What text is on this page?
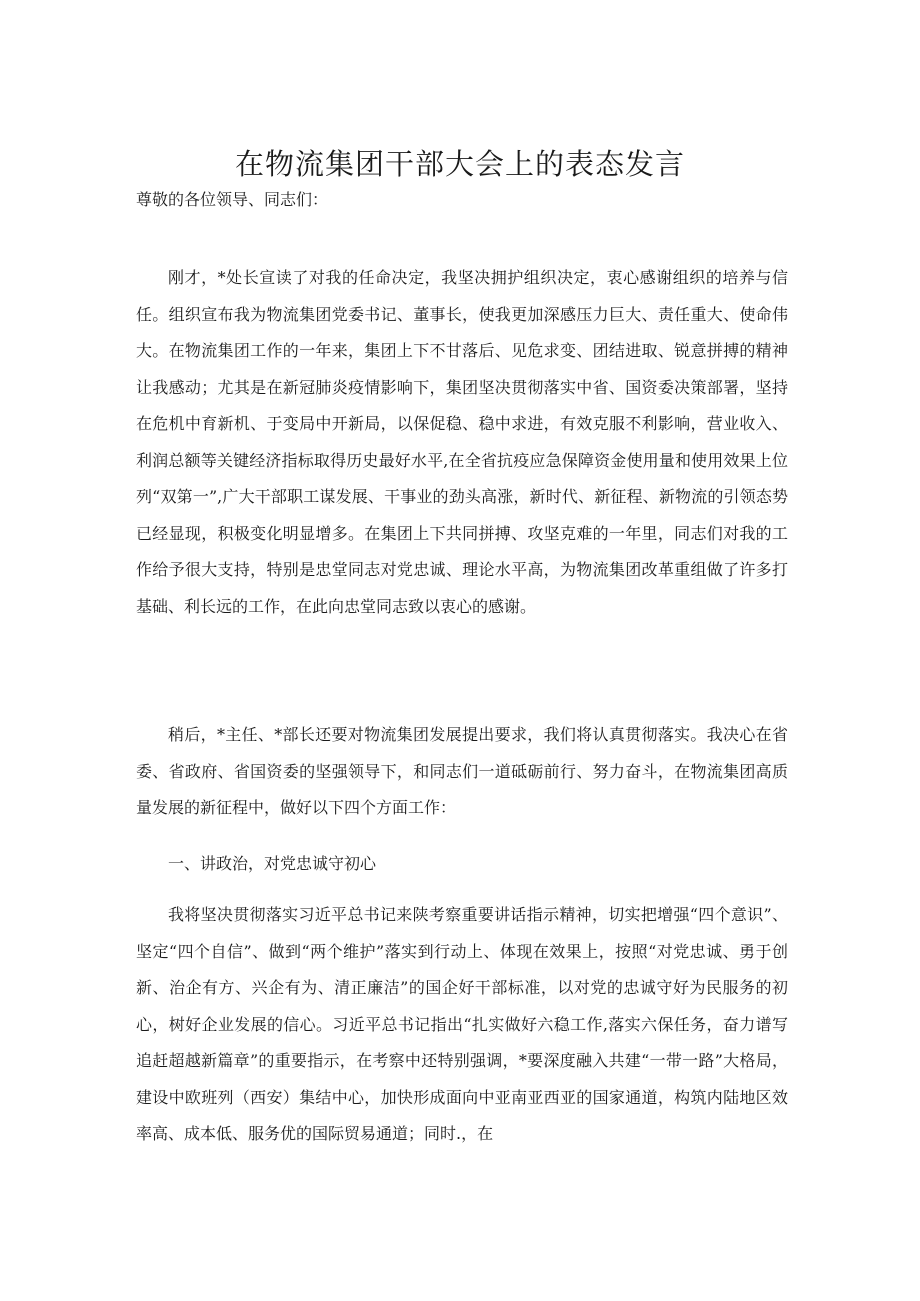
在物流集团干部大会上的表态发言

尊敬的各位领导、同志们：

刚才，*处长宣读了对我的任命决定，我坚决拥护组织决定，衷心感谢组织的培养与信任。组织宣布我为物流集团党委书记、董事长，使我更加深感压力巨大、责任重大、使命伟大。在物流集团工作的一年来，集团上下不甘落后、见危求变、团结进取、锐意拼搏的精神让我感动；尤其是在新冠肺炎疫情影响下，集团坚决贯彻落实中省、国资委决策部署，坚持在危机中育新机、于变局中开新局，以保促稳、稳中求进，有效克服不利影响，营业收入、利润总额等关键经济指标取得历史最好水平,在全省抗疫应急保障资金使用量和使用效果上位列“双第一”,广大干部职工谋发展、干事业的劲头高涨，新时代、新征程、新物流的引领态势已经显现，积极变化明显增多。在集团上下共同拼搏、攻坚克难的一年里，同志们对我的工作给予很大支持，特别是忠堂同志对党忠诚、理论水平高，为物流集团改革重组做了许多打基础、利长远的工作，在此向忠堂同志致以衷心的感谢。

稍后，*主任、*部长还要对物流集团发展提出要求，我们将认真贯彻落实。我决心在省委、省政府、省国资委的坚强领导下，和同志们一道砥砺前行、努力奋斗，在物流集团高质量发展的新征程中，做好以下四个方面工作：

一、讲政治，对党忠诚守初心

我将坚决贯彻落实习近平总书记来陕考察重要讲话指示精神，切实把增强“四个意识”、坚定“四个自信”、做到“两个维护”落实到行动上、体现在效果上，按照“对党忠诚、勇于创新、治企有方、兴企有为、清正廉洁”的国企好干部标准，以对党的忠诚守好为民服务的初心，树好企业发展的信心。习近平总书记指出“扎实做好六稳工作,落实六保任务，奋力谱写追赶超越新篇章”的重要指示，在考察中还特别强调，*要深度融入共建“一带一路”大格局，建设中欧班列（西安）集结中心，加快形成面向中亚南亚西亚的国家通道，构筑内陆地区效率高、成本低、服务优的国际贸易通道；同时.，在
